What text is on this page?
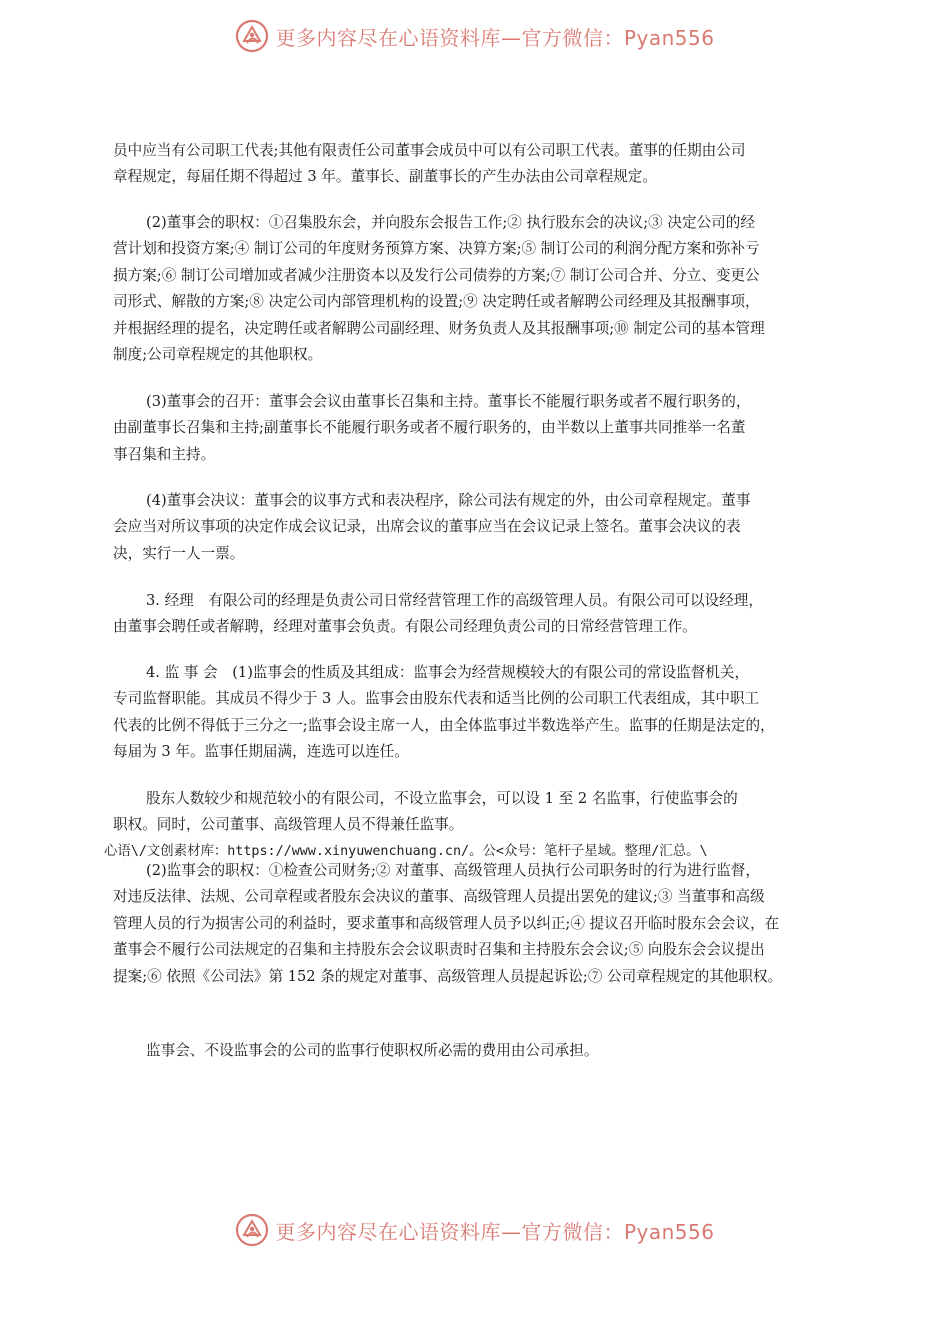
更多内容尽在心语资料库—官方微信：Pyan556
员中应当有公司职工代表;其他有限责任公司董事会成员中可以有公司职工代表。董事的任期由公司
章程规定，每届任期不得超过 3 年。董事长、副董事长的产生办法由公司章程规定。
(2)董事会的职权：①召集股东会，并向股东会报告工作;② 执行股东会的决议;③ 决定公司的经
营计划和投资方案;④ 制订公司的年度财务预算方案、决算方案;⑤ 制订公司的利润分配方案和弥补亏
损方案;⑥ 制订公司增加或者减少注册资本以及发行公司债券的方案;⑦ 制订公司合并、分立、变更公
司形式、解散的方案;⑧ 决定公司内部管理机构的设置;⑨ 决定聘任或者解聘公司经理及其报酬事项，
并根据经理的提名，决定聘任或者解聘公司副经理、财务负责人及其报酬事项;⑩ 制定公司的基本管理
制度;公司章程规定的其他职权。
(3)董事会的召开：董事会会议由董事长召集和主持。董事长不能履行职务或者不履行职务的，
由副董事长召集和主持;副董事长不能履行职务或者不履行职务的，由半数以上董事共同推举一名董
事召集和主持。
(4)董事会决议：董事会的议事方式和表决程序，除公司法有规定的外，由公司章程规定。董事
会应当对所议事项的决定作成会议记录，出席会议的董事应当在会议记录上签名。董事会决议的表
决，实行一人一票。
3. 经理　有限公司的经理是负责公司日常经营管理工作的高级管理人员。有限公司可以设经理，
由董事会聘任或者解聘，经理对董事会负责。有限公司经理负责公司的日常经营管理工作。
4. 监 事 会　(1)监事会的性质及其组成：监事会为经营规模较大的有限公司的常设监督机关，
专司监督职能。其成员不得少于 3 人。监事会由股东代表和适当比例的公司职工代表组成，其中职工
代表的比例不得低于三分之一;监事会设主席一人，由全体监事过半数选举产生。监事的任期是法定的，
每届为 3 年。监事任期届满，连选可以连任。
股东人数较少和规范较小的有限公司，不设立监事会，可以设 1 至 2 名监事，行使监事会的
职权。同时，公司董事、高级管理人员不得兼任监事。
心语\/文创素材库：https://www.xinyuwenchuang.cn/。公<众号：笔杆子星域。整理/汇总。\
(2)监事会的职权：①检查公司财务;② 对董事、高级管理人员执行公司职务时的行为进行监督，
对违反法律、法规、公司章程或者股东会决议的董事、高级管理人员提出罢免的建议;③ 当董事和高级
管理人员的行为损害公司的利益时，要求董事和高级管理人员予以纠正;④ 提议召开临时股东会会议，在
董事会不履行公司法规定的召集和主持股东会会议职责时召集和主持股东会会议;⑤ 向股东会会议提出
提案;⑥ 依照《公司法》第 152 条的规定对董事、高级管理人员提起诉讼;⑦ 公司章程规定的其他职权。
监事会、不设监事会的公司的监事行使职权所必需的费用由公司承担。
更多内容尽在心语资料库—官方微信：Pyan556
